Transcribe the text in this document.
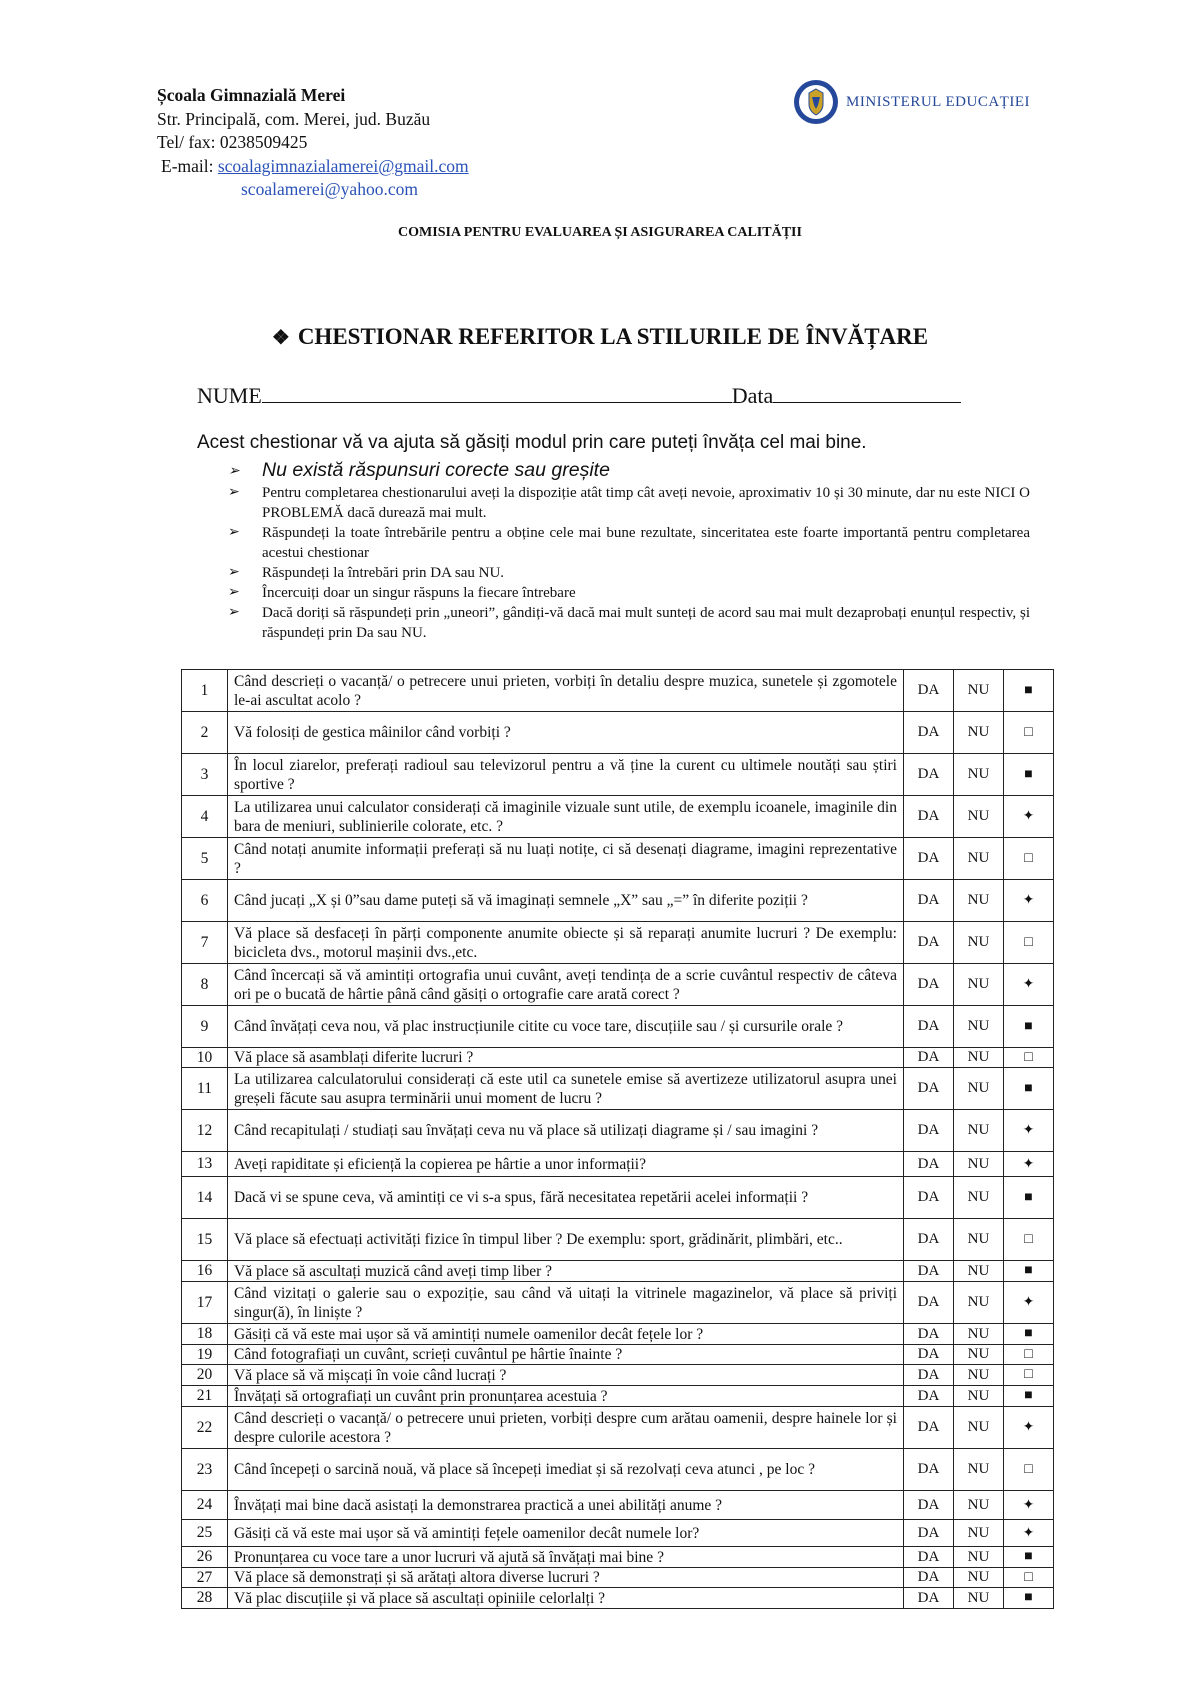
Școala Gimnazială Merei
Str. Principală, com. Merei, jud. Buzău
Tel/ fax: 0238509425
E-mail: scoalagimnazialamerei@gmail.com
scoalamerei@yahoo.com
MINISTERUL EDUCAȚIEI
COMISIA PENTRU EVALUAREA ȘI ASIGURAREA CALITĂȚII
❖ CHESTIONAR REFERITOR LA STILURILE DE ÎNVĂȚARE
NUME	Data
Acest chestionar vă va ajuta să găsiți modul prin care puteți învăța cel mai bine.
➢ Nu există răspunsuri corecte sau greșite
➢ Pentru completarea chestionarului aveți la dispoziție atât timp cât aveți nevoie, aproximativ 10 și 30 minute, dar nu este NICI O PROBLEMĂ dacă durează mai mult.
➢ Răspundeți la toate întrebările pentru a obține cele mai bune rezultate, sinceritatea este foarte importantă pentru completarea acestui chestionar
➢ Răspundeți la întrebări prin DA sau NU.
➢ Încercuiți doar un singur răspuns la fiecare întrebare
➢ Dacă doriți să răspundeți prin „uneori”, gândiți-vă dacă mai mult sunteți de acord sau mai mult dezaprobați enunțul respectiv, și răspundeți prin Da sau NU.
1	Când descrieți o vacanță/ o petrecere unui prieten, vorbiți în detaliu despre muzica, sunetele și zgomotele le-ai ascultat acolo ?	DA	NU	■
2	Vă folosiți de gestica mâinilor când vorbiți ?	DA	NU	□
3	În locul ziarelor, preferați radioul sau televizorul pentru a vă ține la curent cu ultimele noutăți sau știri sportive ?	DA	NU	■
4	La utilizarea unui calculator considerați că imaginile vizuale sunt utile, de exemplu icoanele, imaginile din bara de meniuri, sublinierile colorate, etc. ?	DA	NU	✦
5	Când notați anumite informații preferați să nu luați notițe, ci să desenați diagrame, imagini reprezentative ?	DA	NU	□
6	Când jucați „X și 0”sau dame puteți să vă imaginați semnele „X” sau „=” în diferite poziții ?	DA	NU	✦
7	Vă place să desfaceți în părți componente anumite obiecte și să reparați anumite lucruri ? De exemplu: bicicleta dvs., motorul mașinii dvs.,etc.	DA	NU	□
8	Când încercați să vă amintiți ortografia unui cuvânt, aveți tendința de a scrie cuvântul respectiv de câteva ori pe o bucată de hârtie până când găsiți o ortografie care arată corect ?	DA	NU	✦
9	Când învățați ceva nou, vă plac instrucțiunile citite cu voce tare, discuțiile sau / și cursurile orale ?	DA	NU	■
10	Vă place să asamblați diferite lucruri ?	DA	NU	□
11	La utilizarea calculatorului considerați că este util ca sunetele emise să avertizeze utilizatorul asupra unei greșeli făcute sau asupra terminării unui moment de lucru ?	DA	NU	■
12	Când recapitulați / studiați sau învățați ceva nu vă place să utilizați diagrame și / sau imagini ?	DA	NU	✦
13	Aveți rapiditate și eficiență la copierea pe hârtie a unor informații?	DA	NU	✦
14	Dacă vi se spune ceva, vă amintiți ce vi s-a spus, fără necesitatea repetării acelei informații ?	DA	NU	■
15	Vă place să efectuați activități fizice în timpul liber ? De exemplu: sport, grădinărit, plimbări, etc..	DA	NU	□
16	Vă place să ascultați muzică când aveți timp liber ?	DA	NU	■
17	Când vizitați o galerie sau o expoziție, sau când vă uitați la vitrinele magazinelor, vă place să priviți singur(ă), în liniște ?	DA	NU	✦
18	Găsiți că vă este mai ușor să vă amintiți numele oamenilor decât fețele lor ?	DA	NU	■
19	Când fotografiați un cuvânt, scrieți cuvântul pe hârtie înainte ?	DA	NU	□
20	Vă place să vă mișcați în voie când lucrați ?	DA	NU	□
21	Învățați să ortografiați un cuvânt prin pronunțarea acestuia ?	DA	NU	■
22	Când descrieți o vacanță/ o petrecere unui prieten, vorbiți despre cum arătau oamenii, despre hainele lor și despre culorile acestora ?	DA	NU	✦
23	Când începeți o sarcină nouă, vă place să începeți imediat și să rezolvați ceva atunci , pe loc ?	DA	NU	□
24	Învățați mai bine dacă asistați la demonstrarea practică a unei abilități anume ?	DA	NU	✦
25	Găsiți că vă este mai ușor să vă amintiți fețele oamenilor decât numele lor?	DA	NU	✦
26	Pronunțarea cu voce tare a unor lucruri vă ajută să învățați mai bine ?	DA	NU	■
27	Vă place să demonstrați și să arătați altora diverse lucruri ?	DA	NU	□
28	Vă plac discuțiile și vă place să ascultați opiniile celorlalți ?	DA	NU	■
